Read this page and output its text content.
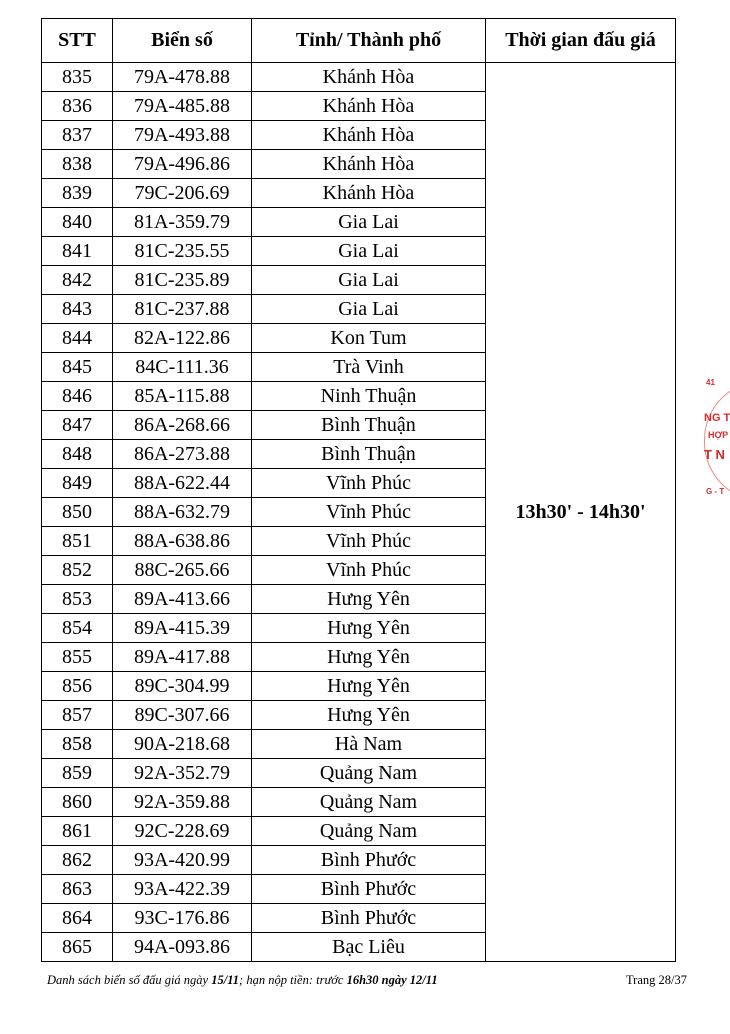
STT	Biển số	Tỉnh/ Thành phố	Thời gian đấu giá
835	79A-478.88	Khánh Hòa	13h30' - 14h30'
836	79A-485.88	Khánh Hòa	
837	79A-493.88	Khánh Hòa	
838	79A-496.86	Khánh Hòa	
839	79C-206.69	Khánh Hòa	
840	81A-359.79	Gia Lai	
841	81C-235.55	Gia Lai	
842	81C-235.89	Gia Lai	
843	81C-237.88	Gia Lai	
844	82A-122.86	Kon Tum	
845	84C-111.36	Trà Vinh	
846	85A-115.88	Ninh Thuận	
847	86A-268.66	Bình Thuận	
848	86A-273.88	Bình Thuận	
849	88A-622.44	Vĩnh Phúc	
850	88A-632.79	Vĩnh Phúc	
851	88A-638.86	Vĩnh Phúc	
852	88C-265.66	Vĩnh Phúc	
853	89A-413.66	Hưng Yên	
854	89A-415.39	Hưng Yên	
855	89A-417.88	Hưng Yên	
856	89C-304.99	Hưng Yên	
857	89C-307.66	Hưng Yên	
858	90A-218.68	Hà Nam	
859	92A-352.79	Quảng Nam	
860	92A-359.88	Quảng Nam	
861	92C-228.69	Quảng Nam	
862	93A-420.99	Bình Phước	
863	93A-422.39	Bình Phước	
864	93C-176.86	Bình Phước	
865	94A-093.86	Bạc Liêu	
Danh sách biển số đấu giá ngày 15/11; hạn nộp tiền: trước 16h30 ngày 12/11	Trang 28/37
41
NG T
HỢP
T N
G - T
